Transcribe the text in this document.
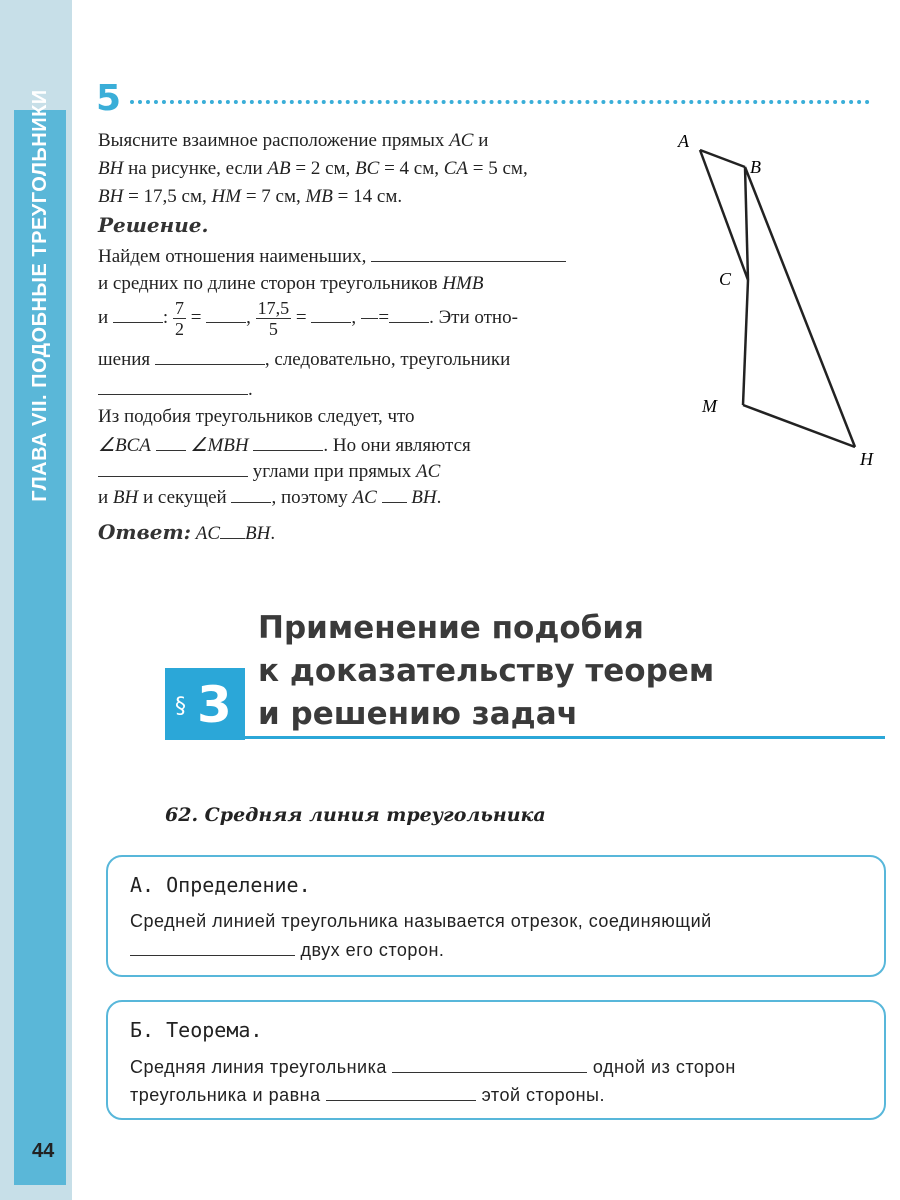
ГЛАВА VII. ПОДОБНЫЕ ТРЕУГОЛЬНИКИ
44
5
Выясните взаимное расположение прямых AC и
BH на рисунке, если AB = 2 см, BC = 4 см, CA = 5 см,
BH = 17,5 см, HM = 7 см, MB = 14 см.
Решение.
Найдем отношения наименьших,
и средних по длине сторон треугольников HMB
и	: $\frac{7}{2}$ = , $\frac{17,5}{5}$ = ,

= . Эти отно-
шения	, следовательно, треугольники
.
Из подобия треугольников следует, что
∠BCA ∠MBH	. Но они являются
углами при прямых AC
и BH и секущей , поэтому AC BH.
Ответ: AC BH.
A
B
C
M
H
§ 3
Применение подобия
к доказательству теорем
и решению задач
62. Средняя линия треугольника
А. Определение.
Средней линией треугольника называется отрезок, соединяющий
двух его сторон.
Б. Теорема.
Средняя линия треугольника	одной из сторон
треугольника и равна	этой стороны.
